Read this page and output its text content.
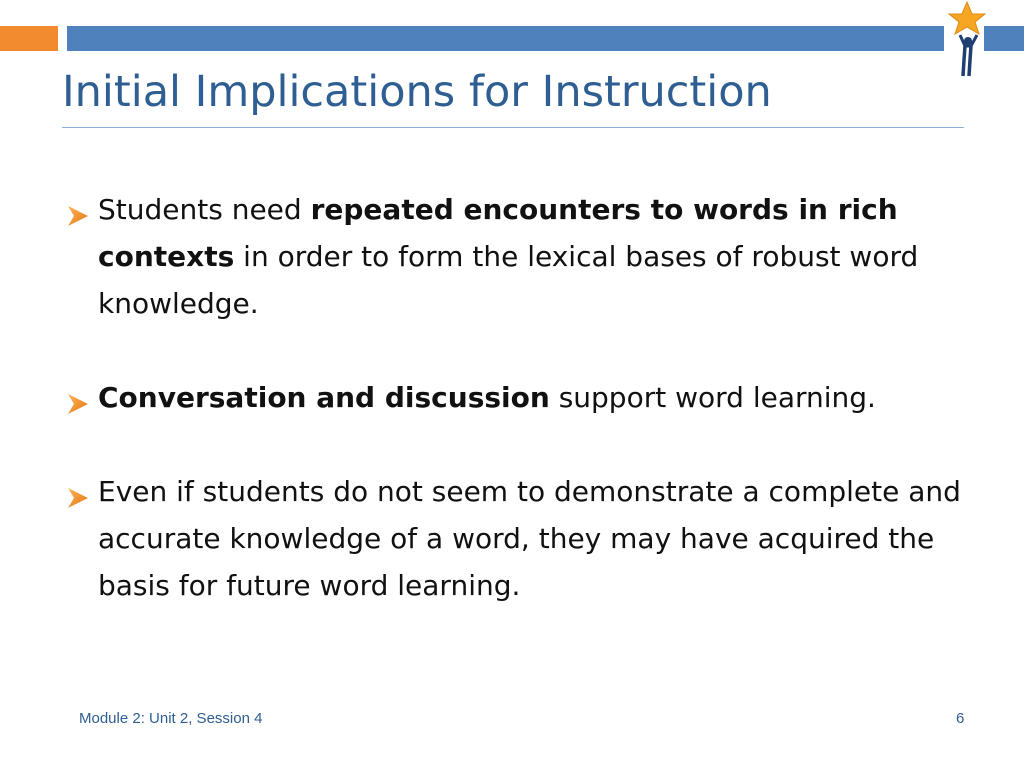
Initial Implications for Instruction
Students need repeated encounters to words in rich contexts in order to form the lexical bases of robust word knowledge.
Conversation and discussion support word learning.
Even if students do not seem to demonstrate a complete and accurate knowledge of a word, they may have acquired the basis for future word learning.
Module 2: Unit 2, Session 4	6
